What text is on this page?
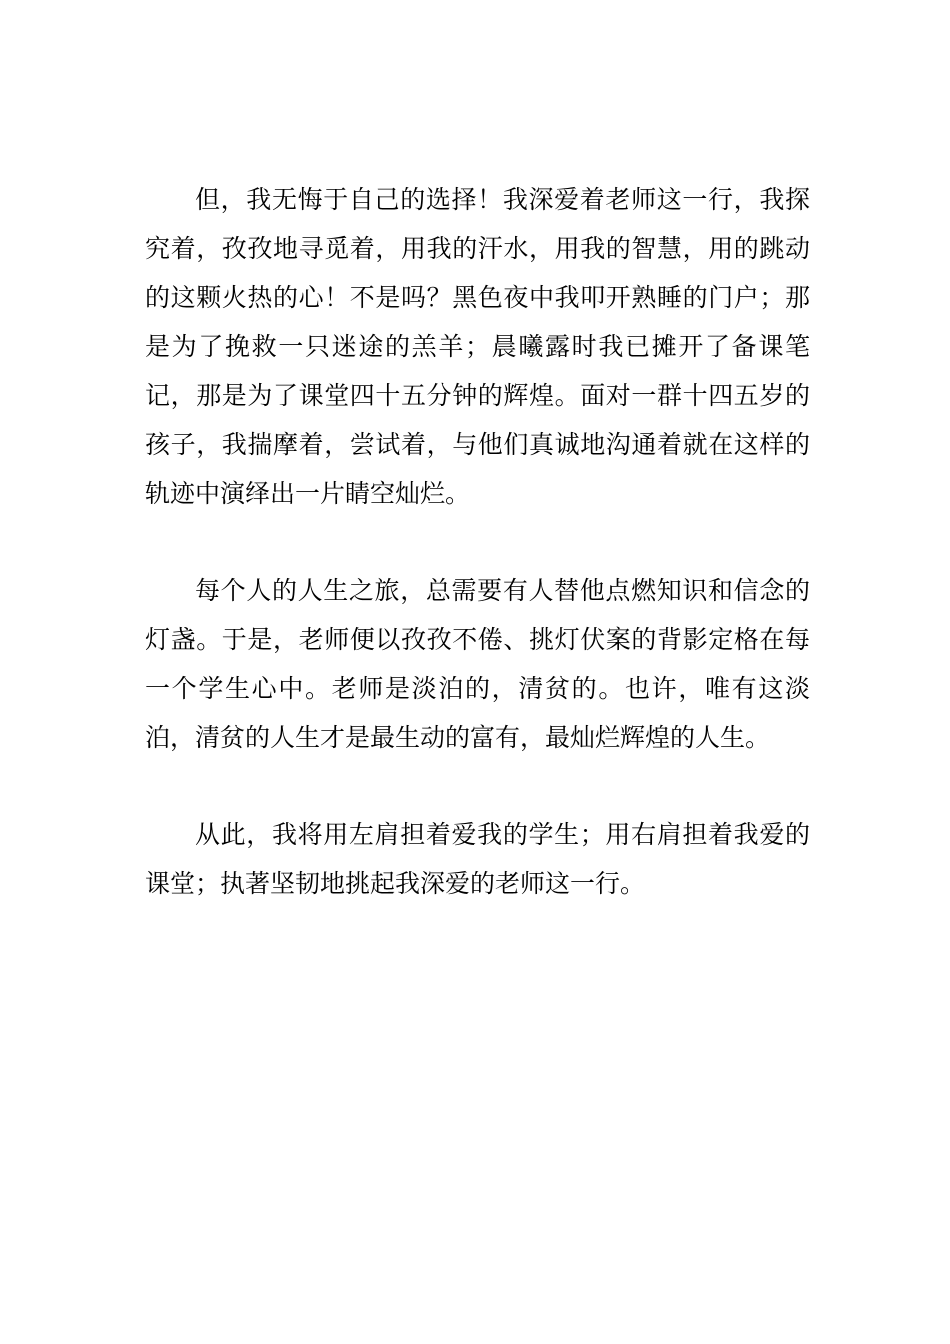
但，我无悔于自己的选择！我深爱着老师这一行，我探究着，孜孜地寻觅着，用我的汗水，用我的智慧，用的跳动的这颗火热的心！不是吗？黑色夜中我叩开熟睡的门户；那是为了挽救一只迷途的羔羊；晨曦露时我已摊开了备课笔记，那是为了课堂四十五分钟的辉煌。面对一群十四五岁的孩子，我揣摩着，尝试着，与他们真诚地沟通着就在这样的轨迹中演绎出一片睛空灿烂。

每个人的人生之旅，总需要有人替他点燃知识和信念的灯盏。于是，老师便以孜孜不倦、挑灯伏案的背影定格在每一个学生心中。老师是淡泊的，清贫的。也许，唯有这淡泊，清贫的人生才是最生动的富有，最灿烂辉煌的人生。

从此，我将用左肩担着爱我的学生；用右肩担着我爱的课堂；执著坚韧地挑起我深爱的老师这一行。
